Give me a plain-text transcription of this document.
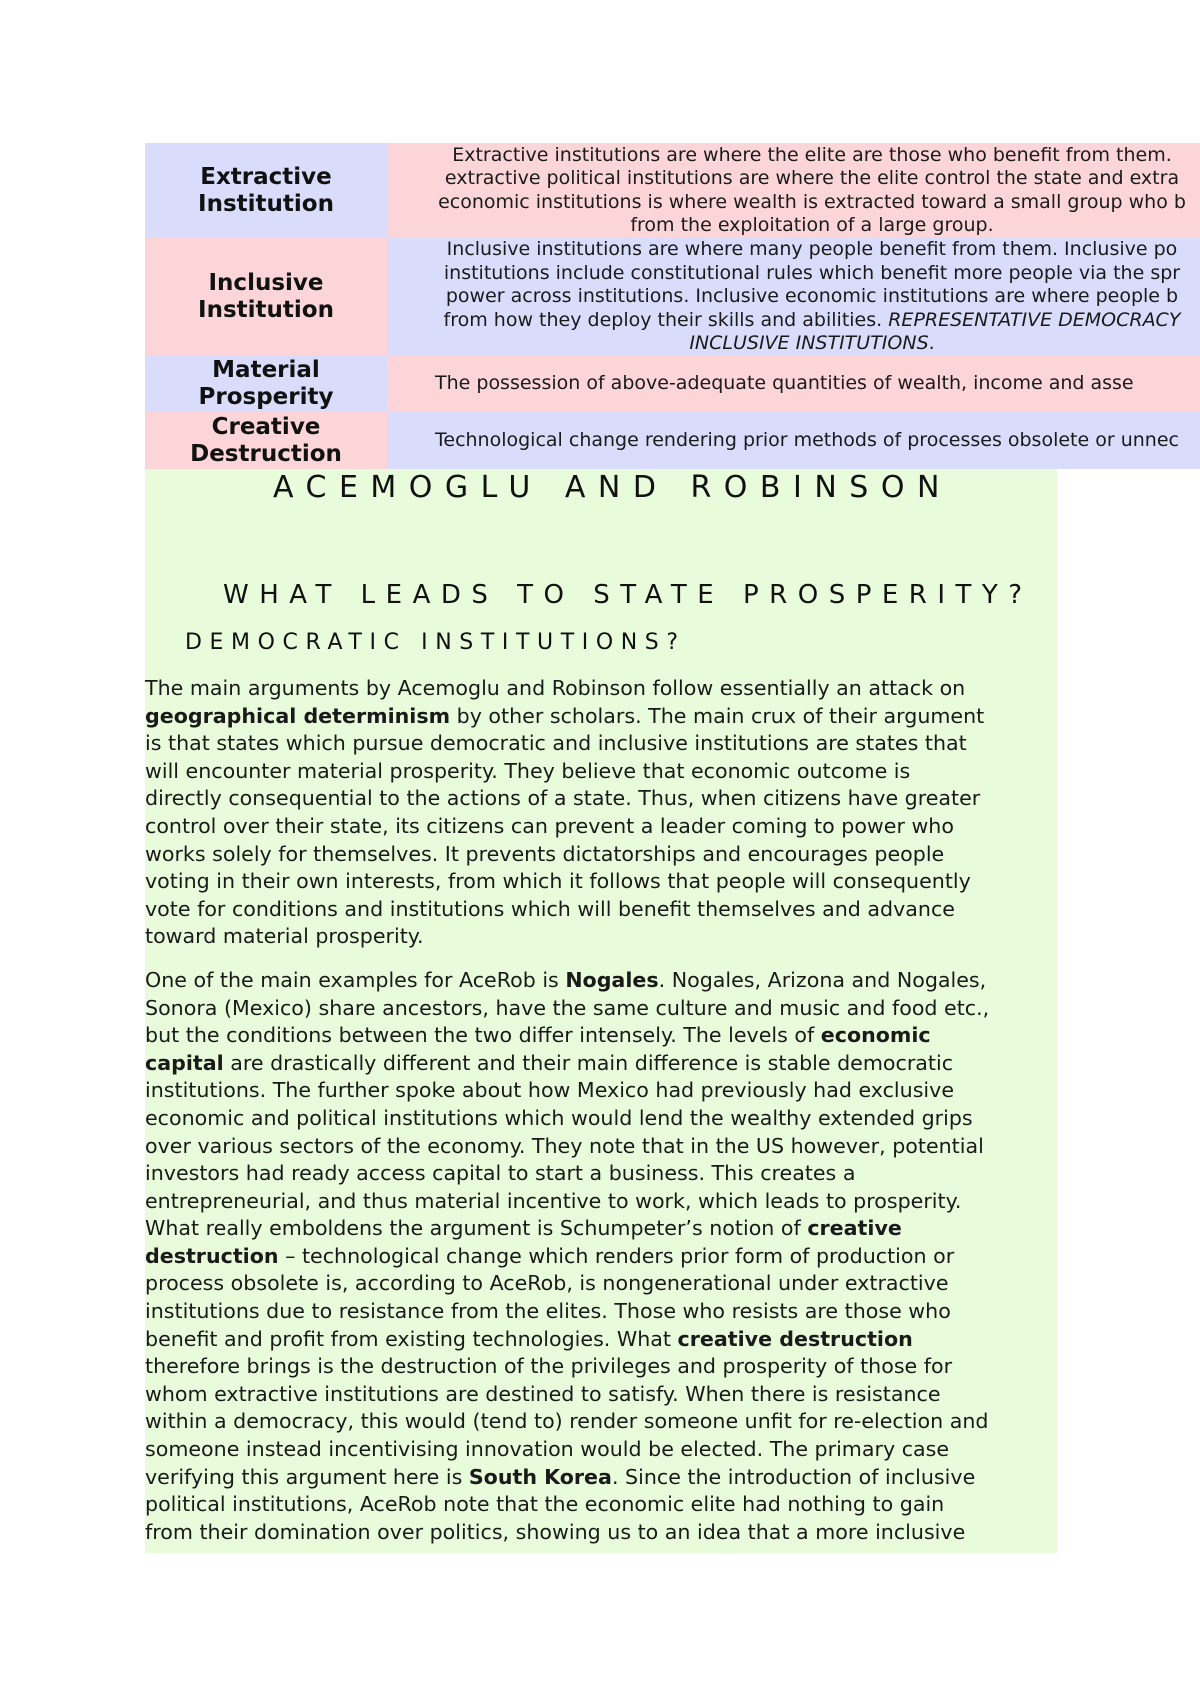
Extractive
Institution
Extractive institutions are where the elite are those who benefit from them.
extractive political institutions are where the elite control the state and extra
economic institutions is where wealth is extracted toward a small group who b
from the exploitation of a large group.
Inclusive
Institution
Inclusive institutions are where many people benefit from them. Inclusive po
institutions include constitutional rules which benefit more people via the spr
power across institutions. Inclusive economic institutions are where people b
from how they deploy their skills and abilities. REPRESENTATIVE DEMOCRACY
INCLUSIVE INSTITUTIONS.
Material
Prosperity
The possession of above-adequate quantities of wealth, income and asse
Creative
Destruction
Technological change rendering prior methods of processes obsolete or unnec
ACEMOGLU AND ROBINSON
WHAT LEADS TO STATE PROSPERITY?
DEMOCRATIC INSTITUTIONS?

The main arguments by Acemoglu and Robinson follow essentially an attack on
geographical determinism by other scholars. The main crux of their argument
is that states which pursue democratic and inclusive institutions are states that
will encounter material prosperity. They believe that economic outcome is
directly consequential to the actions of a state. Thus, when citizens have greater
control over their state, its citizens can prevent a leader coming to power who
works solely for themselves. It prevents dictatorships and encourages people
voting in their own interests, from which it follows that people will consequently
vote for conditions and institutions which will benefit themselves and advance
toward material prosperity.

One of the main examples for AceRob is Nogales. Nogales, Arizona and Nogales,
Sonora (Mexico) share ancestors, have the same culture and music and food etc.,
but the conditions between the two differ intensely. The levels of economic
capital are drastically different and their main difference is stable democratic
institutions. The further spoke about how Mexico had previously had exclusive
economic and political institutions which would lend the wealthy extended grips
over various sectors of the economy. They note that in the US however, potential
investors had ready access capital to start a business. This creates a
entrepreneurial, and thus material incentive to work, which leads to prosperity.
What really emboldens the argument is Schumpeter’s notion of creative
destruction – technological change which renders prior form of production or
process obsolete is, according to AceRob, is nongenerational under extractive
institutions due to resistance from the elites. Those who resists are those who
benefit and profit from existing technologies. What creative destruction
therefore brings is the destruction of the privileges and prosperity of those for
whom extractive institutions are destined to satisfy. When there is resistance
within a democracy, this would (tend to) render someone unfit for re-election and
someone instead incentivising innovation would be elected. The primary case
verifying this argument here is South Korea. Since the introduction of inclusive
political institutions, AceRob note that the economic elite had nothing to gain
from their domination over politics, showing us to an idea that a more inclusive
